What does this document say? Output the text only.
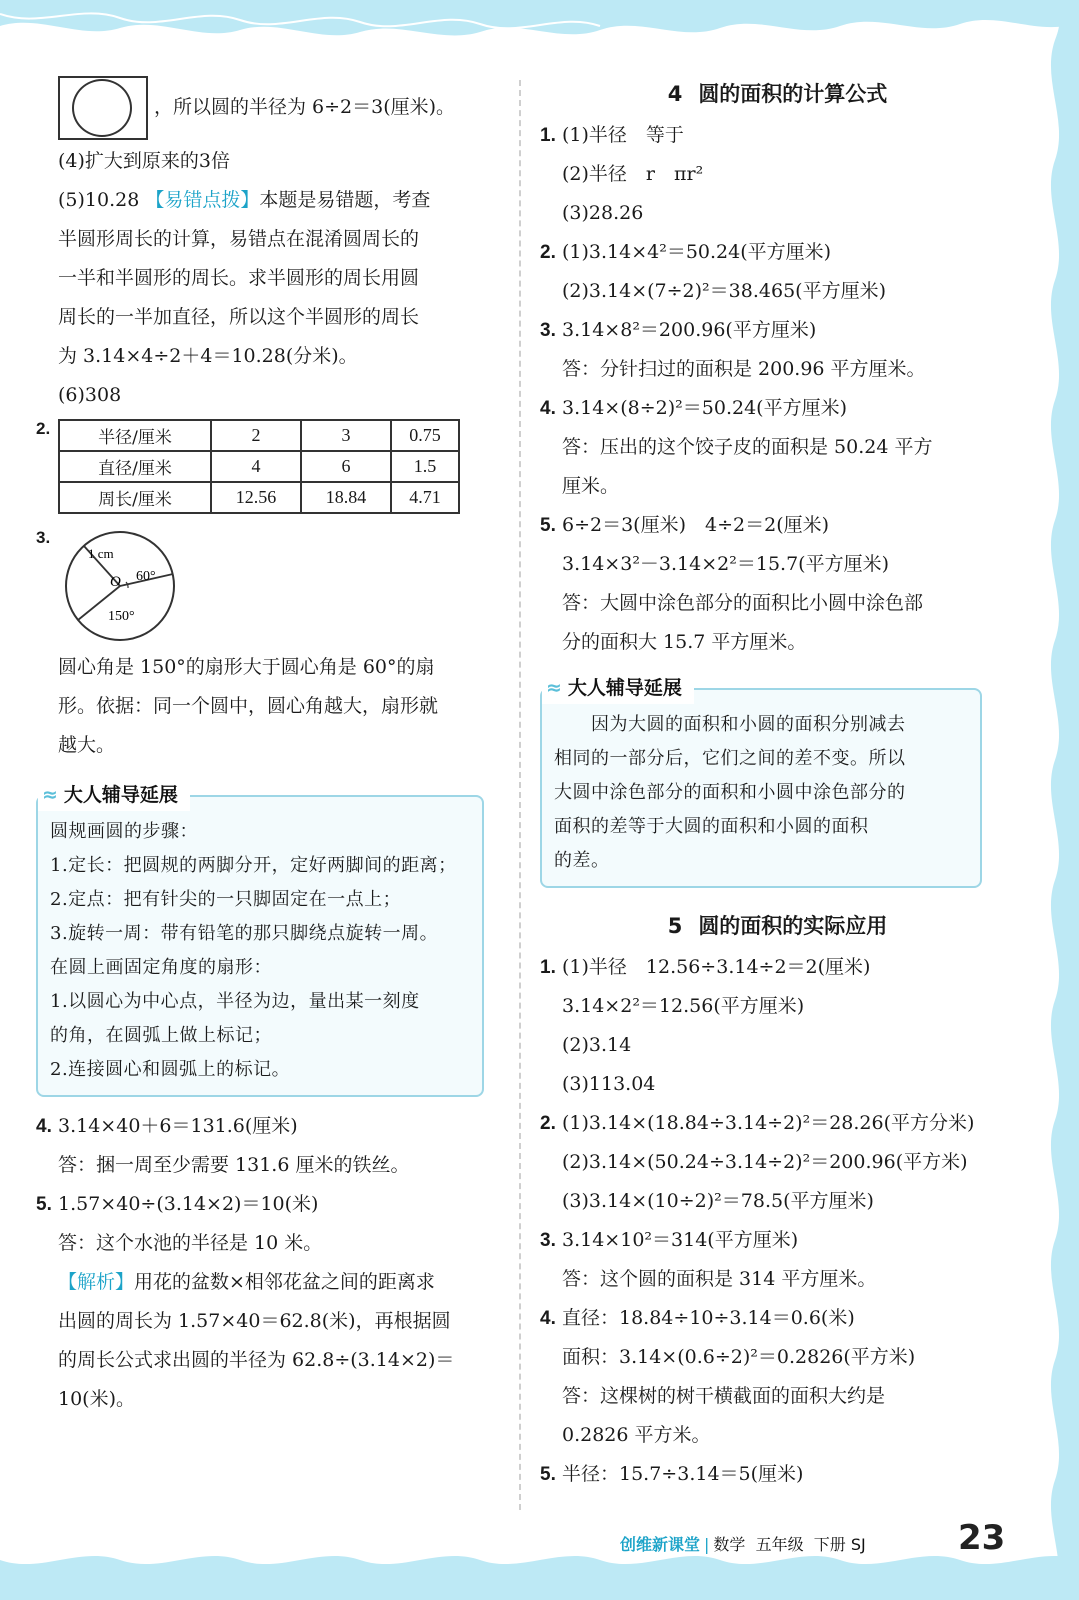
，所以圆的半径为 6÷2＝3(厘米)。
(4)扩大到原来的3倍
(5)10.28 【易错点拨】本题是易错题，考查
半圆形周长的计算，易错点在混淆圆周长的
一半和半圆形的周长。求半圆形的周长用圆
周长的一半加直径，所以这个半圆形的周长
为 3.14×4÷2＋4＝10.28(分米)。
(6)308
2.	半径/厘米	2	3	0.75
直径/厘米	4	6	1.5
周长/厘米	12.56	18.84	4.71
3.
1 cm
60°
O
150°
圆心角是 150°的扇形大于圆心角是 60°的扇
形。依据：同一个圆中，圆心角越大，扇形就
越大。
≈ 大人辅导延展
圆规画圆的步骤：
1.定长：把圆规的两脚分开，定好两脚间的距离；
2.定点：把有针尖的一只脚固定在一点上；
3.旋转一周：带有铅笔的那只脚绕点旋转一周。
在圆上画固定角度的扇形：
1.以圆心为中心点，半径为边，量出某一刻度
的角，在圆弧上做上标记；
2.连接圆心和圆弧上的标记。
4. 3.14×40＋6＝131.6(厘米)
答：捆一周至少需要 131.6 厘米的铁丝。
5. 1.57×40÷(3.14×2)＝10(米)
答：这个水池的半径是 10 米。
【解析】用花的盆数×相邻花盆之间的距离求
出圆的周长为 1.57×40＝62.8(米)，再根据圆
的周长公式求出圆的半径为 62.8÷(3.14×2)＝
10(米)。
4 圆的面积的计算公式
1. (1)半径　等于
(2)半径　r　πr²
(3)28.26
2. (1)3.14×4²＝50.24(平方厘米)
(2)3.14×(7÷2)²＝38.465(平方厘米)
3. 3.14×8²＝200.96(平方厘米)
答：分针扫过的面积是 200.96 平方厘米。
4. 3.14×(8÷2)²＝50.24(平方厘米)
答：压出的这个饺子皮的面积是 50.24 平方
厘米。
5. 6÷2＝3(厘米)　4÷2＝2(厘米)
3.14×3²－3.14×2²＝15.7(平方厘米)
答：大圆中涂色部分的面积比小圆中涂色部
分的面积大 15.7 平方厘米。
≈ 大人辅导延展
　　因为大圆的面积和小圆的面积分别减去
相同的一部分后，它们之间的差不变。所以
大圆中涂色部分的面积和小圆中涂色部分的
面积的差等于大圆的面积和小圆的面积
的差。
5 圆的面积的实际应用
1. (1)半径　12.56÷3.14÷2＝2(厘米)
3.14×2²＝12.56(平方厘米)
(2)3.14
(3)113.04
2. (1)3.14×(18.84÷3.14÷2)²＝28.26(平方分米)
(2)3.14×(50.24÷3.14÷2)²＝200.96(平方米)
(3)3.14×(10÷2)²＝78.5(平方厘米)
3. 3.14×10²＝314(平方厘米)
答：这个圆的面积是 314 平方厘米。
4. 直径：18.84÷10÷3.14＝0.6(米)
面积：3.14×(0.6÷2)²＝0.2826(平方米)
答：这棵树的树干横截面的面积大约是
0.2826 平方米。
5. 半径：15.7÷3.14＝5(厘米)
创维新课堂 | 数学 五年级 下册 SJ	23
